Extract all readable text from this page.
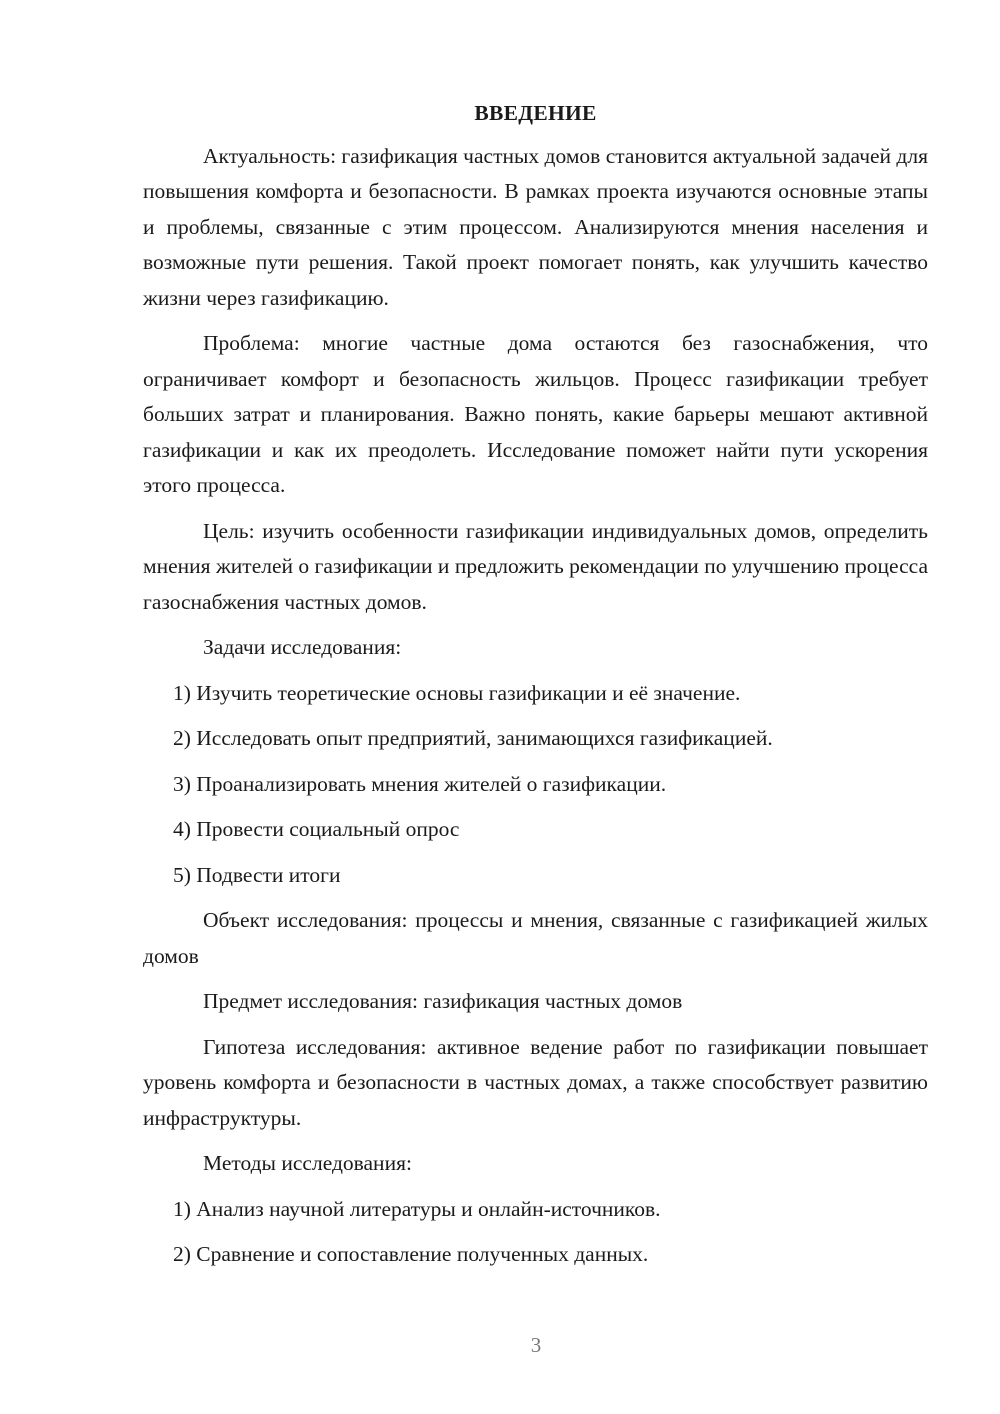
ВВЕДЕНИЕ

Актуальность: газификация частных домов становится актуальной задачей для повышения комфорта и безопасности. В рамках проекта изучаются основные этапы и проблемы, связанные с этим процессом. Анализируются мнения населения и возможные пути решения. Такой проект помогает понять, как улучшить качество жизни через газификацию.

Проблема: многие частные дома остаются без газоснабжения, что ограничивает комфорт и безопасность жильцов. Процесс газификации требует больших затрат и планирования. Важно понять, какие барьеры мешают активной газификации и как их преодолеть. Исследование поможет найти пути ускорения этого процесса.

Цель: изучить особенности газификации индивидуальных домов, определить мнения жителей о газификации и предложить рекомендации по улучшению процесса газоснабжения частных домов.

Задачи исследования:

1) Изучить теоретические основы газификации и её значение.

2) Исследовать опыт предприятий, занимающихся газификацией.

3) Проанализировать мнения жителей о газификации.

4) Провести социальный опрос

5) Подвести итоги

Объект исследования: процессы и мнения, связанные с газификацией жилых домов

Предмет исследования: газификация частных домов

Гипотеза исследования: активное ведение работ по газификации повышает уровень комфорта и безопасности в частных домах, а также способствует развитию инфраструктуры.

Методы исследования:

1) Анализ научной литературы и онлайн-источников.

2) Сравнение и сопоставление полученных данных.

3
